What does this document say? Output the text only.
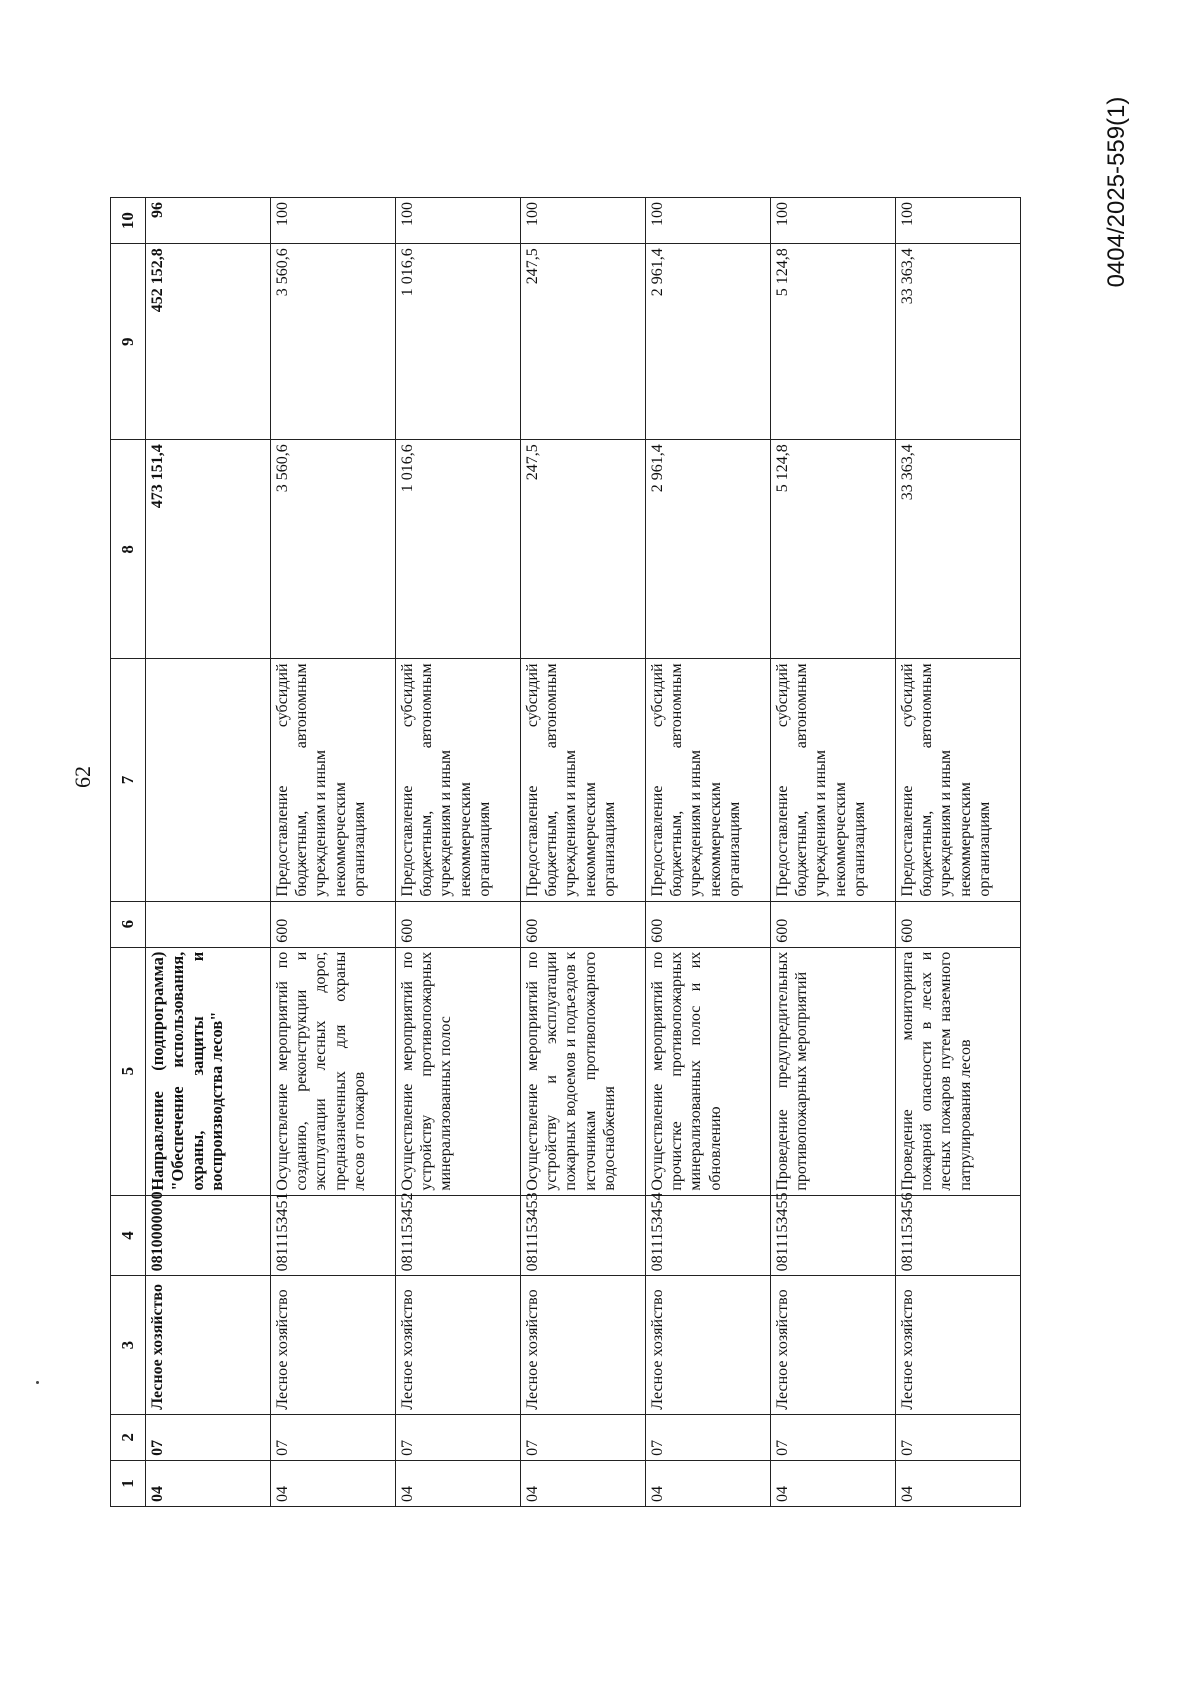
62
1	2	3	4	5	6	7	8	9	10
04	07	Лесное хозяйство	0810000000	Направление (подпрограмма) "Обеспечение использования, охраны, защиты и воспроизводства лесов"			473 151,4	452 152,8	96
04	07	Лесное хозяйство	081115З451	Осуществление мероприятий по созданию, реконструкции и эксплуатации лесных дорог, предназначенных для охраны лесов от пожаров	600	Предоставление субсидий бюджетным, автономным учреждениям и иным
некоммерческим
организациям	3 560,6	3 560,6	100
04	07	Лесное хозяйство	081115З452	Осуществление мероприятий по устройству противопожарных минерализованных полос	600	Предоставление субсидий бюджетным, автономным учреждениям и иным
некоммерческим
организациям	1 016,6	1 016,6	100
04	07	Лесное хозяйство	081115З453	Осуществление мероприятий по устройству и эксплуатации пожарных водоемов и подъездов к источникам противопожарного водоснабжения	600	Предоставление субсидий бюджетным, автономным учреждениям и иным
некоммерческим
организациям	247,5	247,5	100
04	07	Лесное хозяйство	081115З454	Осуществление мероприятий по прочистке противопожарных минерализованных полос и их обновлению	600	Предоставление субсидий бюджетным, автономным учреждениям и иным
некоммерческим
организациям	2 961,4	2 961,4	100
04	07	Лесное хозяйство	081115З455	Проведение предупредительных противопожарных мероприятий	600	Предоставление субсидий бюджетным, автономным учреждениям и иным
некоммерческим
организациям	5 124,8	5 124,8	100
04	07	Лесное хозяйство	081115З456	Проведение мониторинга пожарной опасности в лесах и лесных пожаров путем наземного патрулирования лесов	600	Предоставление субсидий бюджетным, автономным учреждениям и иным
некоммерческим
организациям	33 363,4	33 363,4	100	0404/2025-559(1)
